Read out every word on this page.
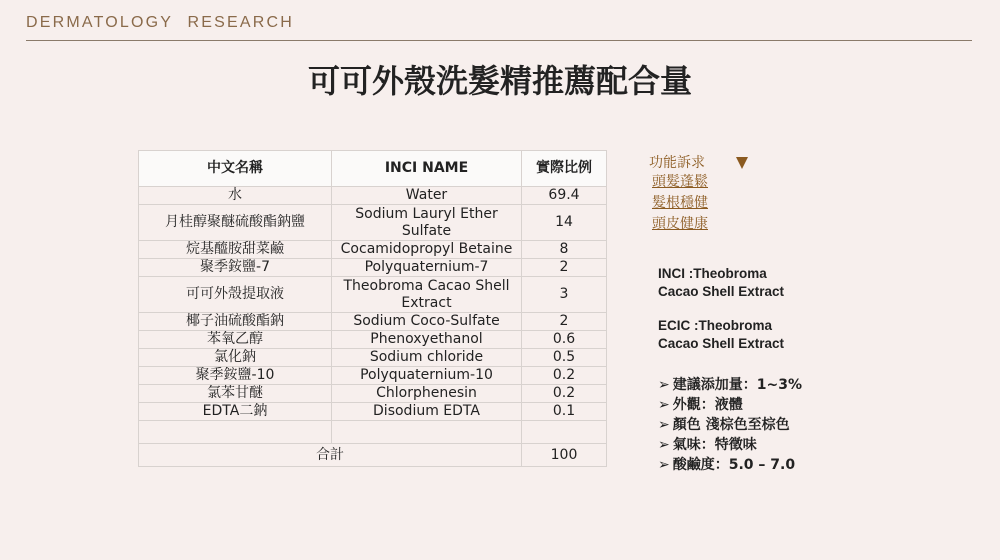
DERMATOLOGY RESEARCH
可可外殼洗髮精推薦配合量
中文名稱	INCI NAME	實際比例
水	Water	69.4
月桂醇聚醚硫酸酯鈉鹽	Sodium Lauryl Ether Sulfate	14
烷基醯胺甜菜鹼	Cocamidopropyl Betaine	8
聚季銨鹽-7	Polyquaternium-7	2
可可外殼提取液	Theobroma Cacao Shell Extract	3
椰子油硫酸酯鈉	Sodium Coco-Sulfate	2
苯氧乙醇	Phenoxyethanol	0.6
氯化鈉	Sodium chloride	0.5
聚季銨鹽-10	Polyquaternium-10	0.2
氯苯甘醚	Chlorphenesin	0.2
EDTA二鈉	Disodium EDTA	0.1

合計		100
功能訴求
頭髮蓬鬆
髮根穩健
頭皮健康
INCI :Theobroma
Cacao Shell Extract
ECIC :Theobroma
Cacao Shell Extract
➢ 建議添加量：1~3%
➢ 外觀：液體
➢ 顏色 淺棕色至棕色
➢ 氣味：特徵味
➢ 酸鹼度：5.0 – 7.0
